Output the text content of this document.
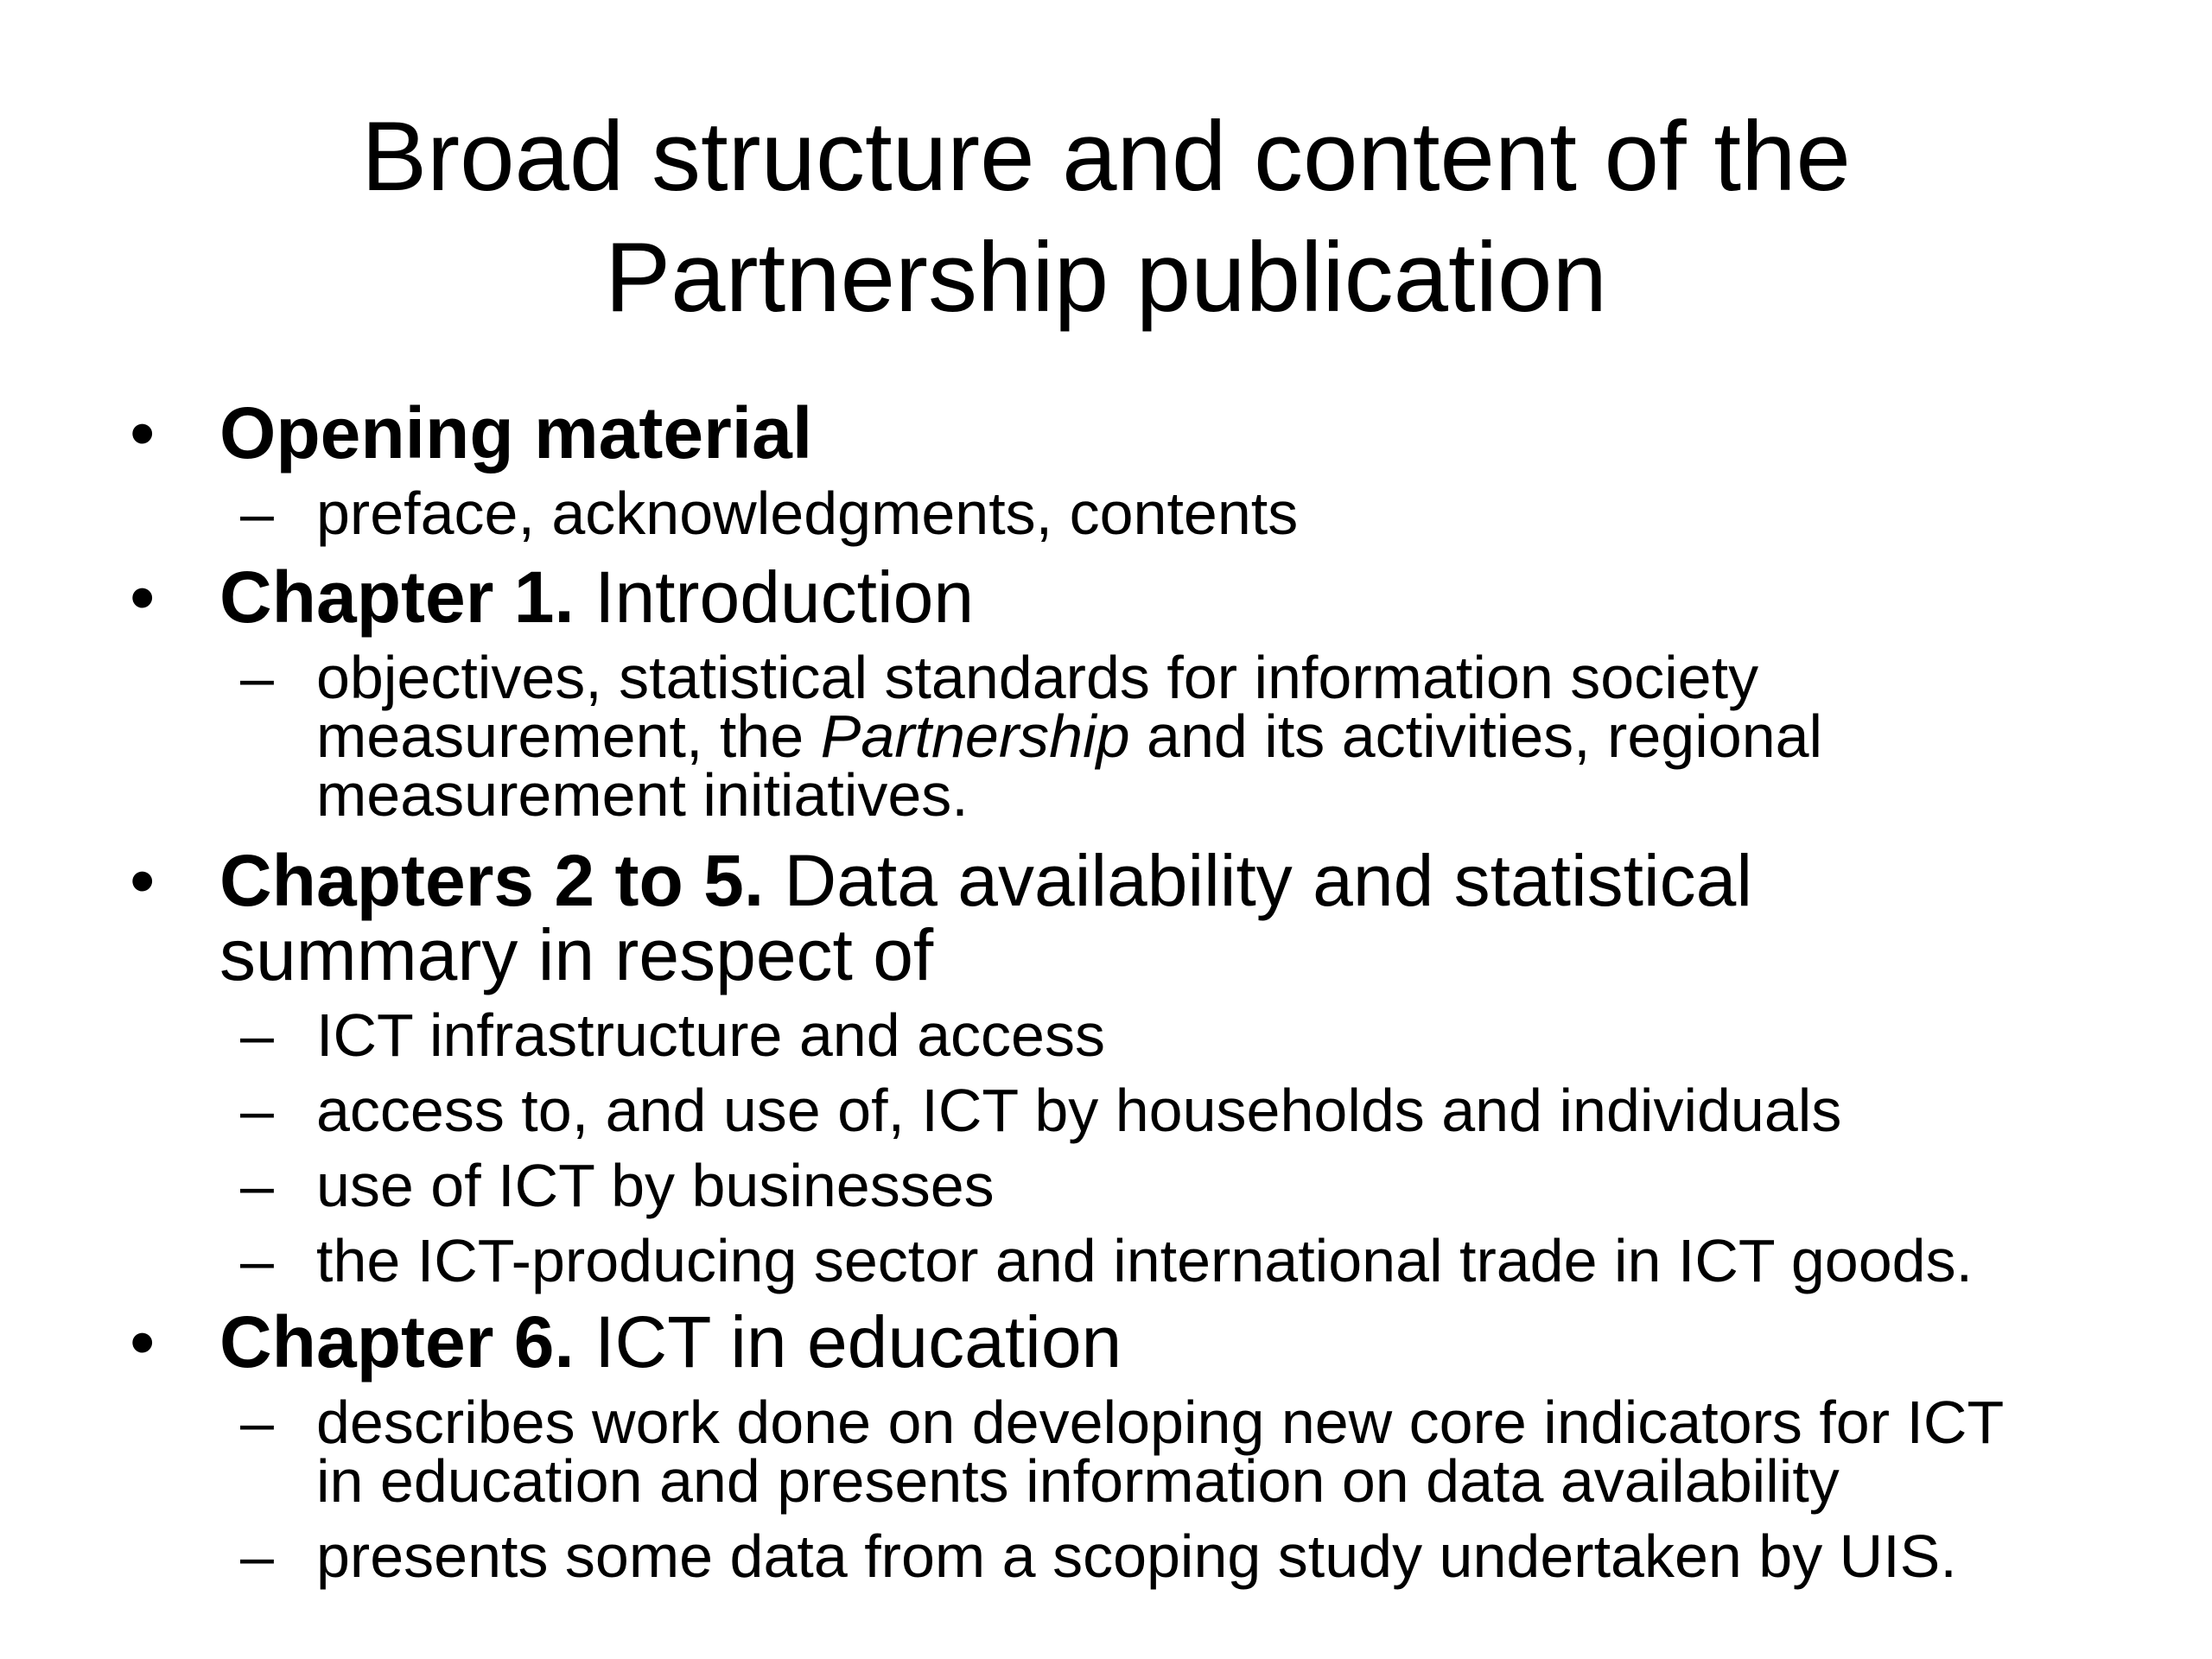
Broad structure and content of the
Partnership publication
• Opening material
– preface, acknowledgments, contents
• Chapter 1. Introduction
– objectives, statistical standards for information society
measurement, the Partnership and its activities, regional
measurement initiatives.
• Chapters 2 to 5. Data availability and statistical
summary in respect of
– ICT infrastructure and access
– access to, and use of, ICT by households and individuals
– use of ICT by businesses
– the ICT-producing sector and international trade in ICT goods.
• Chapter 6. ICT in education
– describes work done on developing new core indicators for ICT
in education and presents information on data availability
– presents some data from a scoping study undertaken by UIS.
